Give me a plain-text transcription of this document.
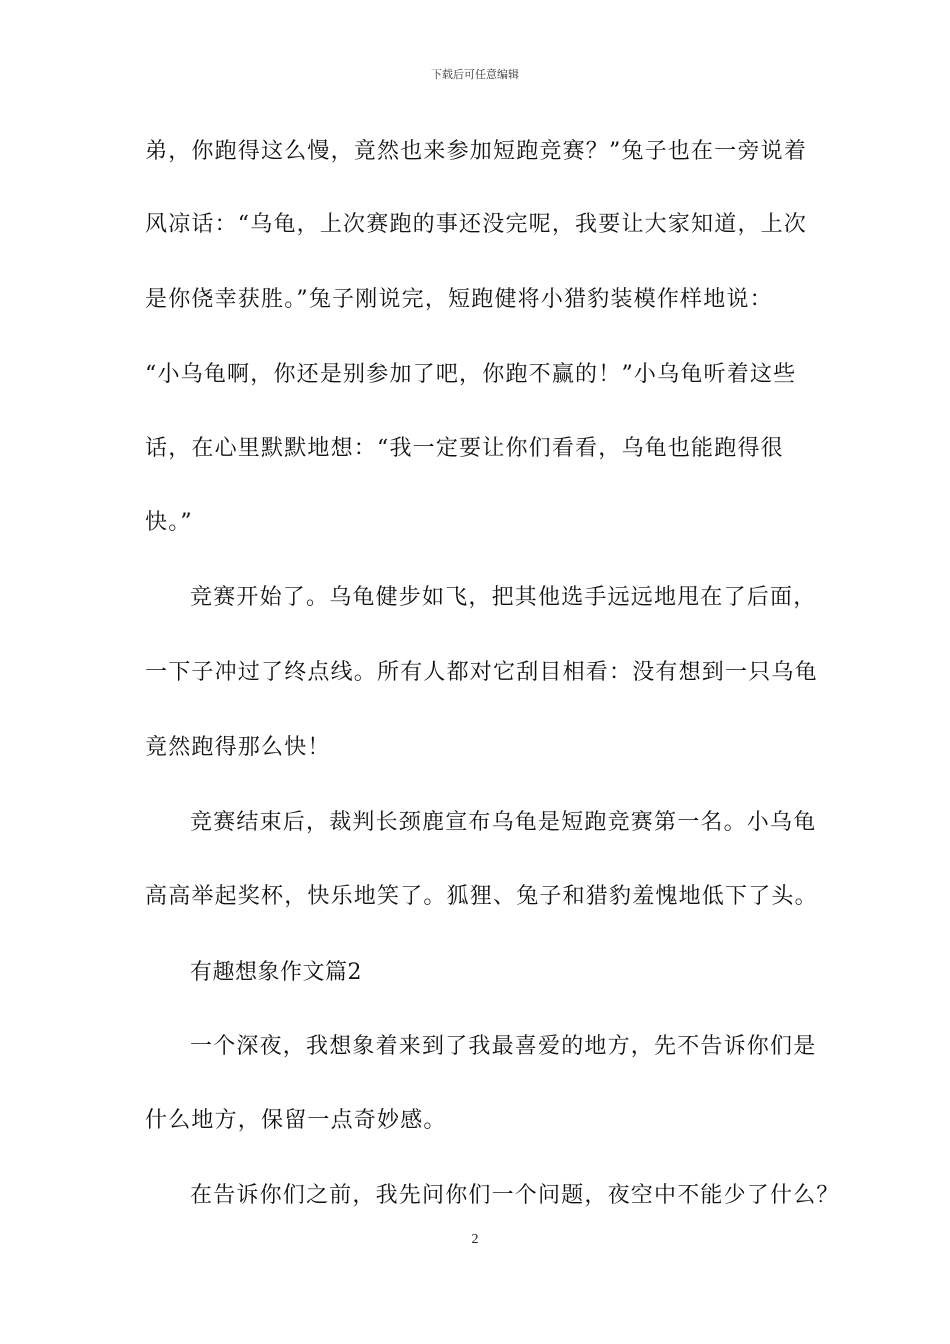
下载后可任意编辑
弟，你跑得这么慢，竟然也来参加短跑竞赛？”兔子也在一旁说着
风凉话：“乌龟，上次赛跑的事还没完呢，我要让大家知道，上次
是你侥幸获胜。”兔子刚说完，短跑健将小猎豹装模作样地说：
“小乌龟啊，你还是别参加了吧，你跑不赢的！”小乌龟听着这些
话，在心里默默地想：“我一定要让你们看看，乌龟也能跑得很
快。”
竞赛开始了。乌龟健步如飞，把其他选手远远地甩在了后面，
一下子冲过了终点线。所有人都对它刮目相看：没有想到一只乌龟
竟然跑得那么快！
竞赛结束后，裁判长颈鹿宣布乌龟是短跑竞赛第一名。小乌龟
高高举起奖杯，快乐地笑了。狐狸、兔子和猎豹羞愧地低下了头。
有趣想象作文篇2
一个深夜，我想象着来到了我最喜爱的地方，先不告诉你们是
什么地方，保留一点奇妙感。
在告诉你们之前，我先问你们一个问题，夜空中不能少了什么？
2
